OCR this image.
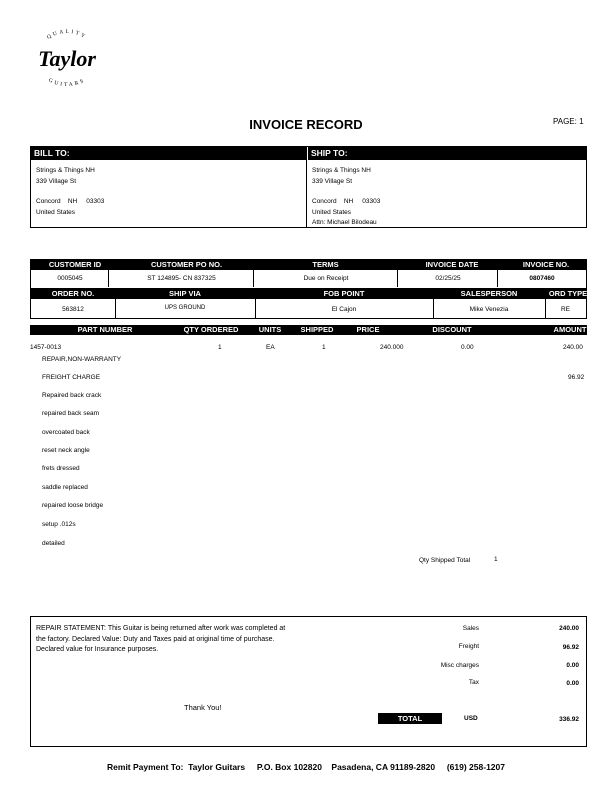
QUALITY
Taylor
GUITARS
INVOICE RECORD	PAGE: 1
BILL TO:	SHIP TO:
Strings & Things NH
339 Village St
Concord NH 03303
United States
Strings & Things NH
339 Village St
Concord NH 03303
United States
Attn: Michael Bilodeau
CUSTOMER ID	CUSTOMER PO NO.	TERMS	INVOICE DATE	INVOICE NO.
0005045	ST 124895- CN 837325	Due on Receipt	02/25/25	0807460
ORDER NO.	SHIP VIA	FOB POINT	SALESPERSON	ORD TYPE
563812	UPS GROUND	El Cajon	Mike Venezia	RE
PART NUMBER	QTY ORDERED	UNITS	SHIPPED	PRICE	DISCOUNT	AMOUNT
1457-0013	1	EA	1	240.000	0.00	240.00
REPAIR,NON-WARRANTY
FREIGHT CHARGE	96.92
Repaired back crack
repaired back seam
overcoated back
reset neck angle
frets dressed
saddle replaced
repaired loose bridge
setup .012s
detailed
Qty Shipped Total	1
REPAIR STATEMENT: This Guitar is being returned after work was completed at
the factory. Declared Value: Duty and Taxes paid at original time of purchase.
Declared value for Insurance purposes.
Thank You!
Sales	240.00
Freight	96.92
Misc charges	0.00
Tax	0.00
TOTAL	USD	336.92
Remit Payment To:  Taylor Guitars     P.O. Box 102820    Pasadena, CA 91189-2820     (619) 258-1207
